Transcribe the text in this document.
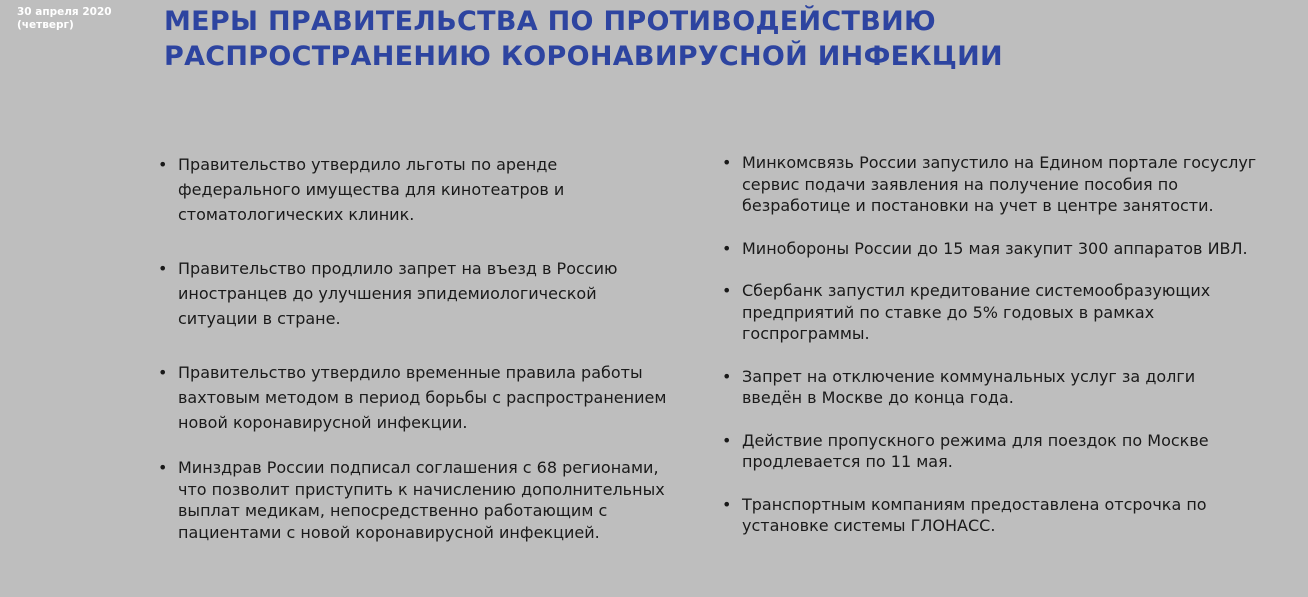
30 апреля 2020
(четверг)	МЕРЫ ПРАВИТЕЛЬСТВА ПО ПРОТИВОДЕЙСТВИЮ
РАСПРОСТРАНЕНИЮ КОРОНАВИРУСНОЙ ИНФЕКЦИИ
• Правительство утвердило льготы по аренде федерального имущества для кинотеатров и стоматологических клиник.
• Правительство продлило запрет на въезд в Россию иностранцев до улучшения эпидемиологической ситуации в стране.
• Правительство утвердило временные правила работы вахтовым методом в период борьбы с распространением новой коронавирусной инфекции.
• Минздрав России подписал соглашения с 68 регионами, что позволит приступить к начислению дополнительных выплат медикам, непосредственно работающим с пациентами с новой коронавирусной инфекцией.
• Минкомсвязь России запустило на Едином портале госуслуг сервис подачи заявления на получение пособия по безработице и постановки на учет в центре занятости.
• Минобороны России до 15 мая закупит 300 аппаратов ИВЛ.
• Сбербанк запустил кредитование системообразующих предприятий по ставке до 5% годовых в рамках госпрограммы.
• Запрет на отключение коммунальных услуг за долги введён в Москве до конца года.
• Действие пропускного режима для поездок по Москве продлевается по 11 мая.
• Транспортным компаниям предоставлена отсрочка по установке системы ГЛОНАСС.
